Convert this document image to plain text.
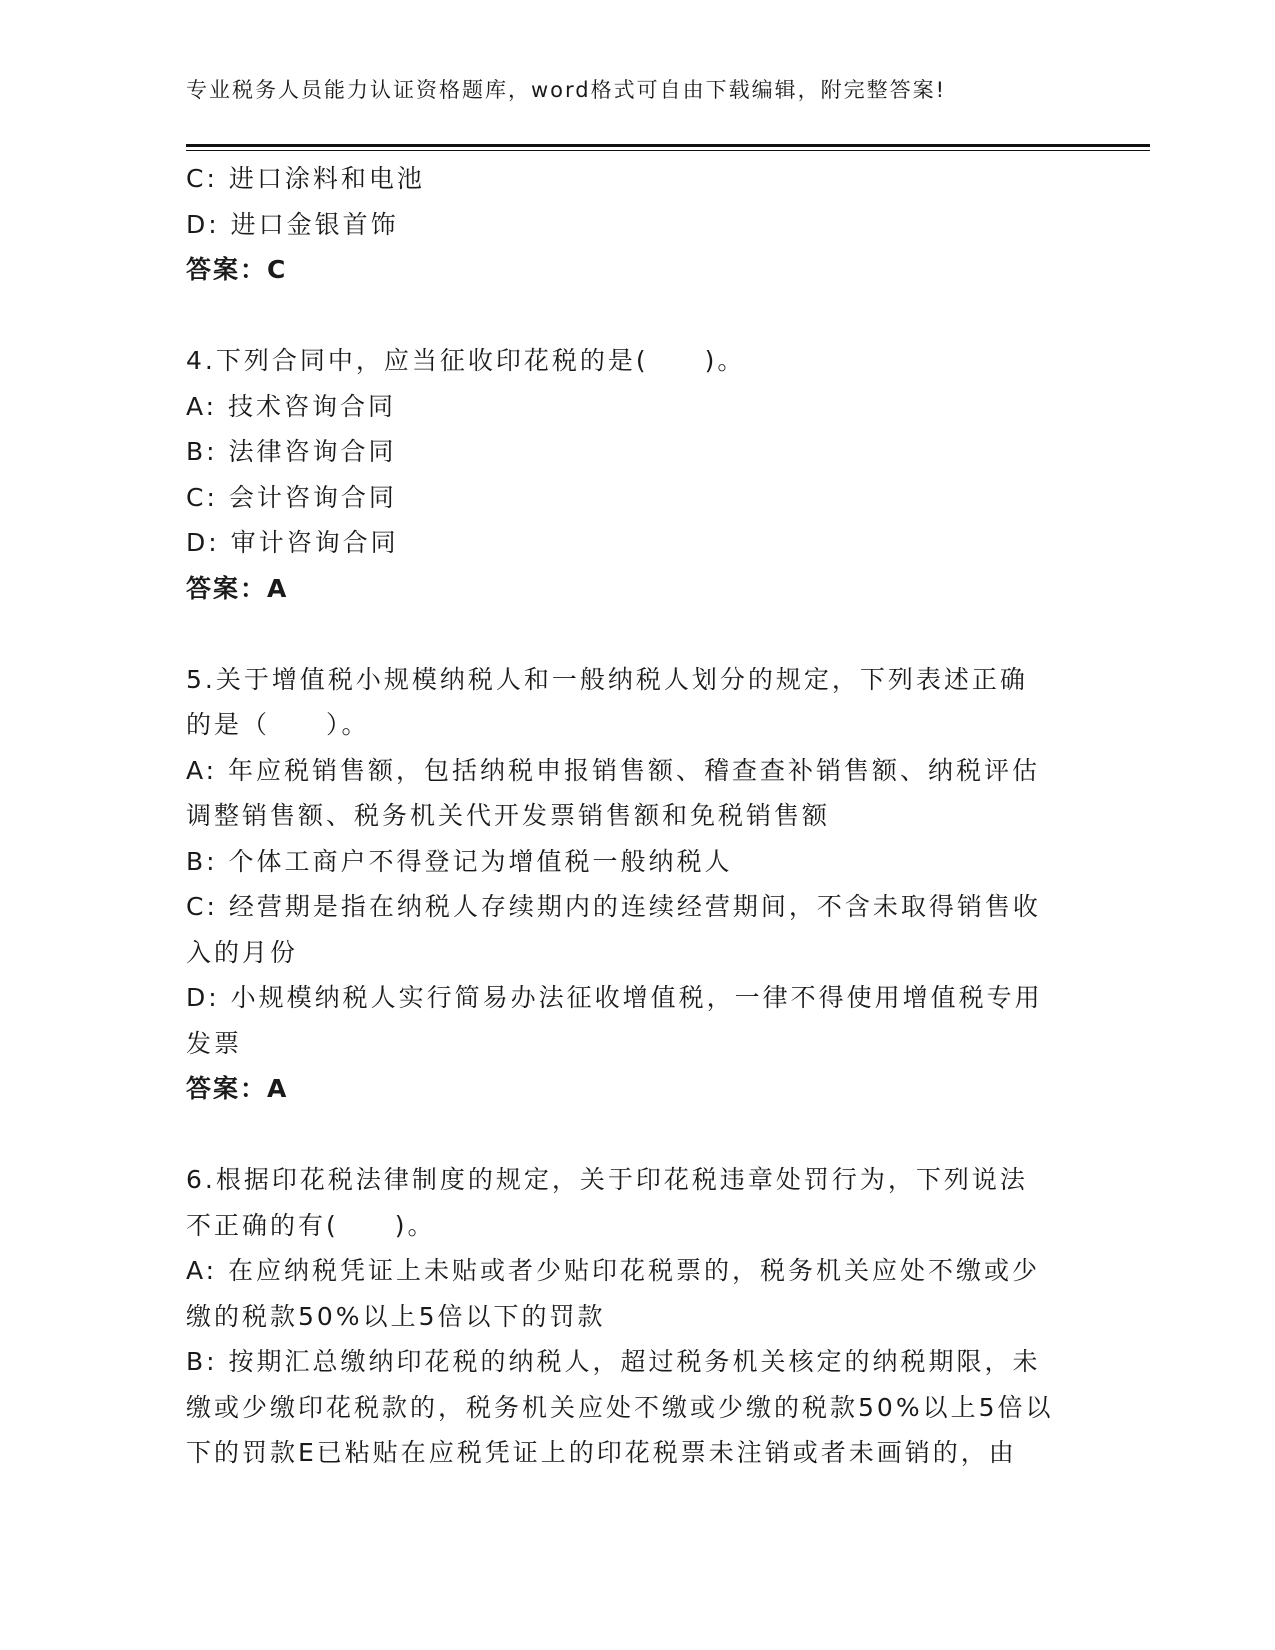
专业税务人员能力认证资格题库，word格式可自由下载编辑，附完整答案!
C: 进口涂料和电池
D: 进口金银首饰
答案：C
4.下列合同中，应当征收印花税的是(　　)。
A: 技术咨询合同
B: 法律咨询合同
C: 会计咨询合同
D: 审计咨询合同
答案：A
5.关于增值税小规模纳税人和一般纳税人划分的规定，下列表述正确
的是（　　）。
A: 年应税销售额，包括纳税申报销售额、稽查查补销售额、纳税评估
调整销售额、税务机关代开发票销售额和免税销售额
B: 个体工商户不得登记为增值税一般纳税人
C: 经营期是指在纳税人存续期内的连续经营期间，不含未取得销售收
入的月份
D: 小规模纳税人实行简易办法征收增值税，一律不得使用增值税专用
发票
答案：A
6.根据印花税法律制度的规定，关于印花税违章处罚行为，下列说法
不正确的有(　　)。
A: 在应纳税凭证上未贴或者少贴印花税票的，税务机关应处不缴或少
缴的税款50%以上5倍以下的罚款
B: 按期汇总缴纳印花税的纳税人，超过税务机关核定的纳税期限，未
缴或少缴印花税款的，税务机关应处不缴或少缴的税款50%以上5倍以
下的罚款E已粘贴在应税凭证上的印花税票未注销或者未画销的，由
